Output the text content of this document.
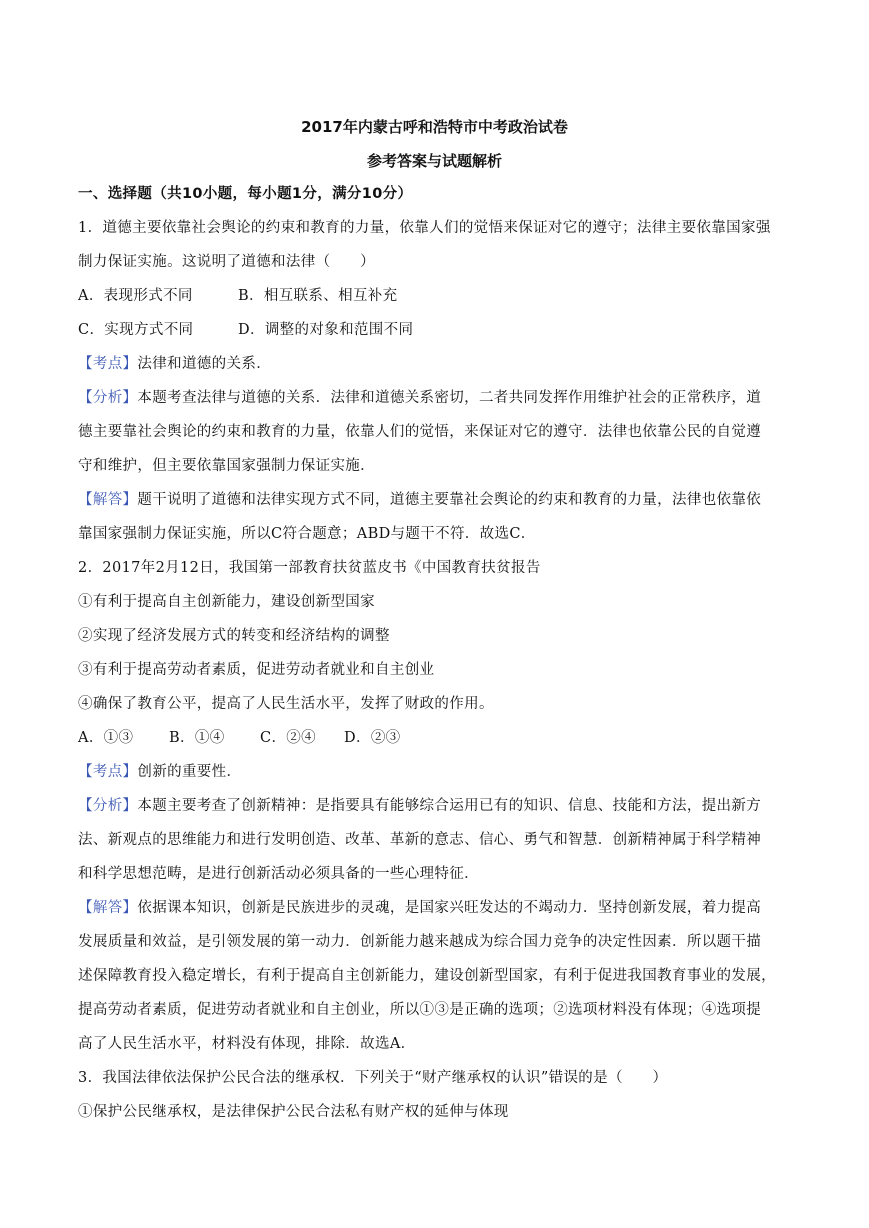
2017年内蒙古呼和浩特市中考政治试卷
参考答案与试题解析
一、选择题（共10小题，每小题1分，满分10分）
1．道德主要依靠社会舆论的约束和教育的力量，依靠人们的觉悟来保证对它的遵守；法律主要依靠国家强
制力保证实施。这说明了道德和法律（　　）
A．表现形式不同	B．相互联系、相互补充
C．实现方式不同	D．调整的对象和范围不同
【考点】法律和道德的关系．
【分析】本题考查法律与道德的关系．法律和道德关系密切，二者共同发挥作用维护社会的正常秩序，道
德主要靠社会舆论的约束和教育的力量，依靠人们的觉悟，来保证对它的遵守．法律也依靠公民的自觉遵
守和维护，但主要依靠国家强制力保证实施．
【解答】题干说明了道德和法律实现方式不同，道德主要靠社会舆论的约束和教育的力量，法律也依靠依
靠国家强制力保证实施，所以C符合题意；ABD与题干不符．故选C．
2．2017年2月12日，我国第一部教育扶贫蓝皮书《中国教育扶贫报告
①有利于提高自主创新能力，建设创新型国家
②实现了经济发展方式的转变和经济结构的调整
③有利于提高劳动者素质，促进劳动者就业和自主创业
④确保了教育公平，提高了人民生活水平，发挥了财政的作用。
A．①③ B．①④ C．②④ D．②③
【考点】创新的重要性．
【分析】本题主要考查了创新精神：是指要具有能够综合运用已有的知识、信息、技能和方法，提出新方
法、新观点的思维能力和进行发明创造、改革、革新的意志、信心、勇气和智慧．创新精神属于科学精神
和科学思想范畴，是进行创新活动必须具备的一些心理特征．
【解答】依据课本知识，创新是民族进步的灵魂，是国家兴旺发达的不竭动力．坚持创新发展，着力提高
发展质量和效益，是引领发展的第一动力．创新能力越来越成为综合国力竞争的决定性因素．所以题干描
述保障教育投入稳定增长，有利于提高自主创新能力，建设创新型国家，有利于促进我国教育事业的发展，
提高劳动者素质，促进劳动者就业和自主创业，所以①③是正确的选项；②选项材料没有体现；④选项提
高了人民生活水平，材料没有体现，排除．故选A．
3．我国法律依法保护公民合法的继承权．下列关于“财产继承权的认识”错误的是（　　）
①保护公民继承权，是法律保护公民合法私有财产权的延伸与体现
